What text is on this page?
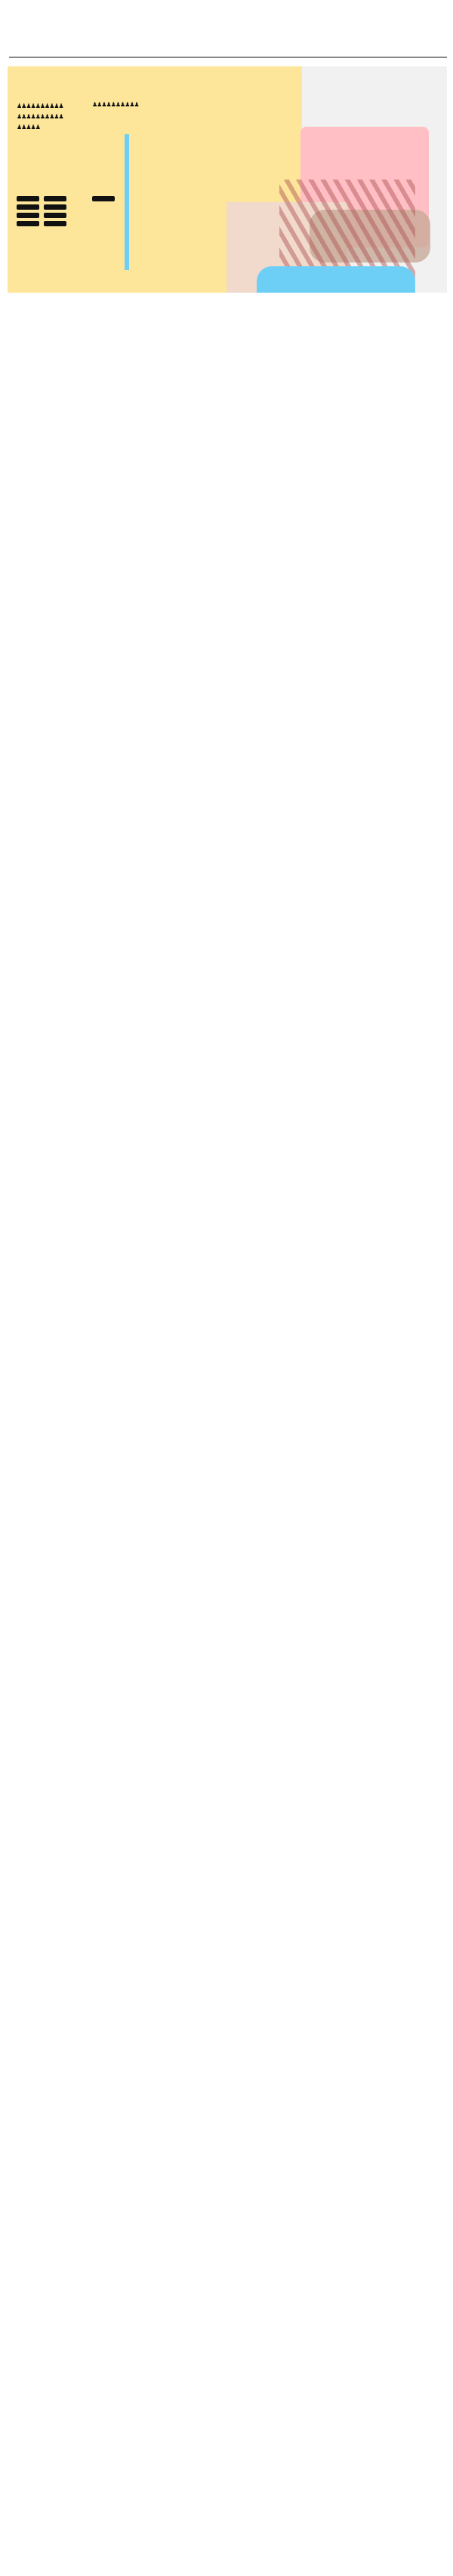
♟♟♟♟♟♟♟♟♟♟
♟♟♟♟♟♟♟♟♟♟
♟♟♟♟♟
♟♟♟♟♟♟♟♟♟♟
